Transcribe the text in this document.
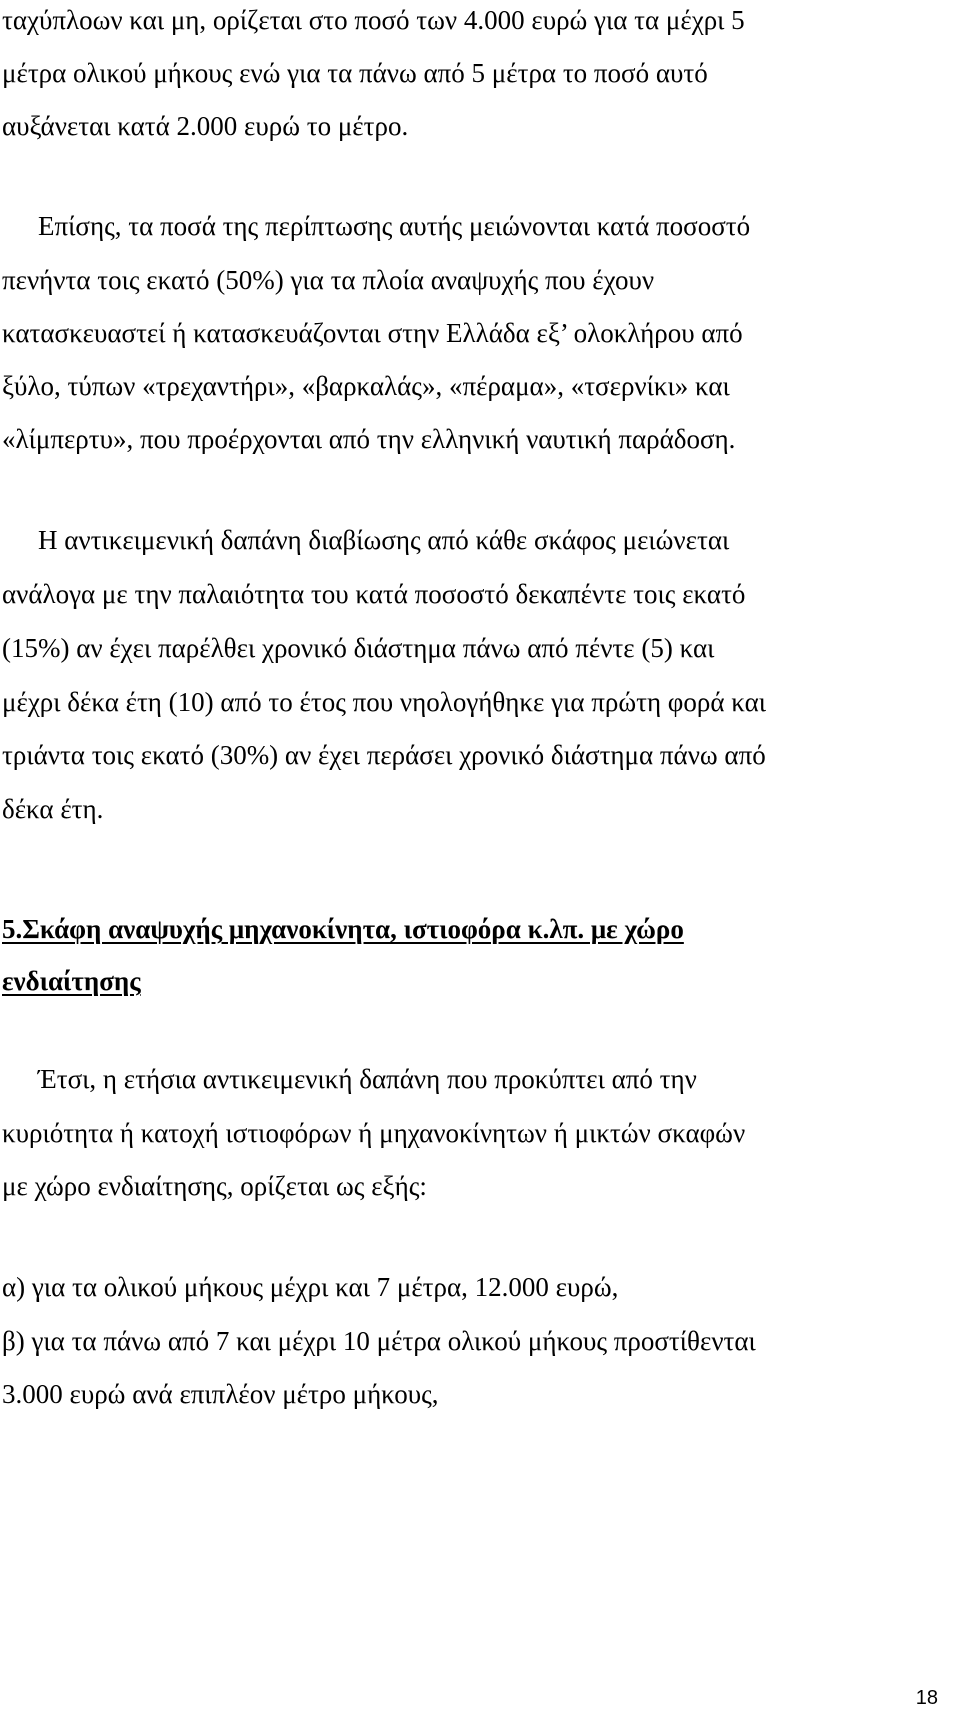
ταχύπλοων και μη, ορίζεται στο ποσό των 4.000 ευρώ για τα μέχρι 5
μέτρα ολικού μήκους ενώ για τα πάνω από 5 μέτρα το ποσό αυτό
αυξάνεται κατά 2.000 ευρώ το μέτρο.
Επίσης, τα ποσά της περίπτωσης αυτής μειώνονται κατά ποσοστό
πενήντα τοις εκατό (50%) για τα πλοία αναψυχής που έχουν
κατασκευαστεί ή κατασκευάζονται στην Ελλάδα εξ’ ολοκλήρου από
ξύλο, τύπων «τρεχαντήρι», «βαρκαλάς», «πέραμα», «τσερνίκι» και
«λίμπερτυ», που προέρχονται από την ελληνική ναυτική παράδοση.
Η αντικειμενική δαπάνη διαβίωσης από κάθε σκάφος μειώνεται
ανάλογα με την παλαιότητα του κατά ποσοστό δεκαπέντε τοις εκατό
(15%) αν έχει παρέλθει χρονικό διάστημα πάνω από πέντε (5) και
μέχρι δέκα έτη (10) από το έτος που νηολογήθηκε για πρώτη φορά και
τριάντα τοις εκατό (30%) αν έχει περάσει χρονικό διάστημα πάνω από
δέκα έτη.
5.Σκάφη αναψυχής μηχανοκίνητα, ιστιοφόρα κ.λπ. με χώρο
ενδιαίτησης
Έτσι, η ετήσια αντικειμενική δαπάνη που προκύπτει από την
κυριότητα ή κατοχή ιστιοφόρων ή μηχανοκίνητων ή μικτών σκαφών
με χώρο ενδιαίτησης, ορίζεται ως εξής:
α) για τα ολικού μήκους μέχρι και 7 μέτρα, 12.000 ευρώ,
β) για τα πάνω από 7 και μέχρι 10 μέτρα ολικού μήκους προστίθενται
3.000 ευρώ ανά επιπλέον μέτρο μήκους,
18
